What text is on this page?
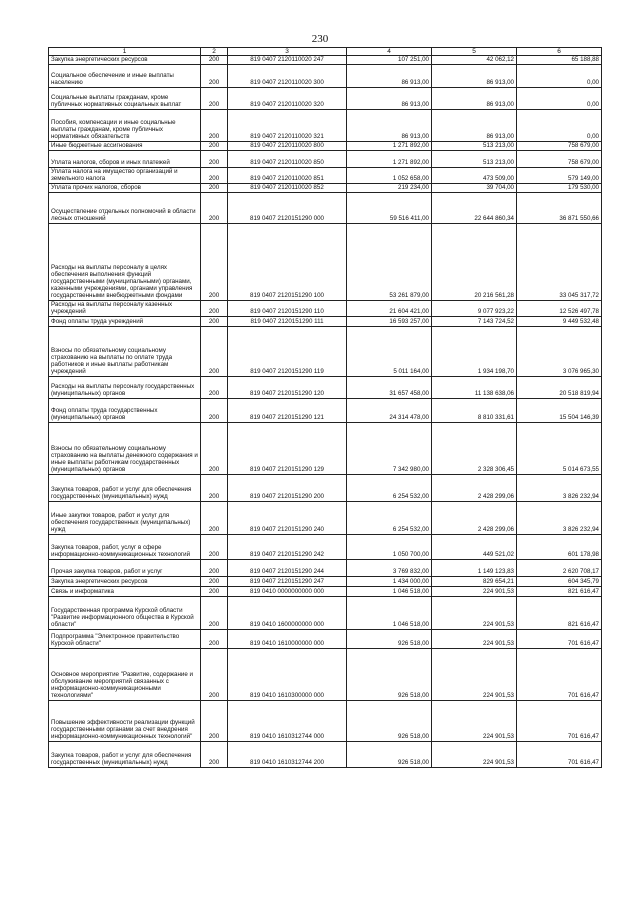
230
1	2	3	4	5	6
Закупка энергетических ресурсов	200	819 0407 2120110020 247	107 251,00	42 062,12	65 188,88
Социальное обеспечение и иные выплаты населению	200	819 0407 2120110020 300	86 913,00	86 913,00	0,00
Социальные выплаты гражданам, кроме публичных нормативных социальных выплат	200	819 0407 2120110020 320	86 913,00	86 913,00	0,00
Пособия, компенсации и иные социальные выплаты гражданам, кроме публичных нормативных обязательств	200	819 0407 2120110020 321	86 913,00	86 913,00	0,00
Иные бюджетные ассигнования	200	819 0407 2120110020 800	1 271 892,00	513 213,00	758 679,00
Уплата налогов, сборов и иных платежей	200	819 0407 2120110020 850	1 271 892,00	513 213,00	758 679,00
Уплата налога на имущество организаций и земельного налога	200	819 0407 2120110020 851	1 052 658,00	473 509,00	579 149,00
Уплата прочих налогов, сборов	200	819 0407 2120110020 852	219 234,00	39 704,00	179 530,00
Осуществление отдельных полномочий в области лесных отношений	200	819 0407 2120151290 000	59 516 411,00	22 644 860,34	36 871 550,66
Расходы на выплаты персоналу в целях обеспечения выполнения функций государственными (муниципальными) органами, казенными учреждениями, органами управления государственными внебюджетными фондами	200	819 0407 2120151290 100	53 261 879,00	20 216 561,28	33 045 317,72
Расходы на выплаты персоналу казенных учреждений	200	819 0407 2120151290 110	21 604 421,00	9 077 923,22	12 526 497,78
Фонд оплаты труда учреждений	200	819 0407 2120151290 111	16 593 257,00	7 143 724,52	9 449 532,48
Взносы по обязательному социальному страхованию на выплаты по оплате труда работников и иные выплаты работникам учреждений	200	819 0407 2120151290 119	5 011 164,00	1 934 198,70	3 076 965,30
Расходы на выплаты персоналу государственных (муниципальных) органов	200	819 0407 2120151290 120	31 657 458,00	11 138 638,06	20 518 819,94
Фонд оплаты труда государственных (муниципальных) органов	200	819 0407 2120151290 121	24 314 478,00	8 810 331,61	15 504 146,39
Взносы по обязательному социальному страхованию на выплаты денежного содержания и иные выплаты работникам государственных (муниципальных) органов	200	819 0407 2120151290 129	7 342 980,00	2 328 306,45	5 014 673,55
Закупка товаров, работ и услуг для обеспечения государственных (муниципальных) нужд	200	819 0407 2120151290 200	6 254 532,00	2 428 299,06	3 826 232,94
Иные закупки товаров, работ и услуг для обеспечения государственных (муниципальных) нужд	200	819 0407 2120151290 240	6 254 532,00	2 428 299,06	3 826 232,94
Закупка товаров, работ, услуг в сфере информационно-коммуникационных технологий	200	819 0407 2120151290 242	1 050 700,00	449 521,02	601 178,98
Прочая закупка товаров, работ и услуг	200	819 0407 2120151290 244	3 769 832,00	1 149 123,83	2 620 708,17
Закупка энергетических ресурсов	200	819 0407 2120151290 247	1 434 000,00	829 654,21	604 345,79
Связь и информатика	200	819 0410 0000000000 000	1 046 518,00	224 901,53	821 616,47
Государственная программа Курской области "Развитие информационного общества в Курской области"	200	819 0410 1600000000 000	1 046 518,00	224 901,53	821 616,47
Подпрограмма "Электронное правительство Курской области"	200	819 0410 1610000000 000	926 518,00	224 901,53	701 616,47
Основное мероприятие "Развитие, содержание и обслуживание мероприятий связанных с информационно-коммуникационными технологиями"	200	819 0410 1610300000 000	926 518,00	224 901,53	701 616,47
Повышение эффективности реализации функций государственными органами за счет внедрения информационно-коммуникационных технологий"	200	819 0410 1610312744 000	926 518,00	224 901,53	701 616,47
Закупка товаров, работ и услуг для обеспечения государственных (муниципальных) нужд	200	819 0410 1610312744 200	926 518,00	224 901,53	701 616,47
